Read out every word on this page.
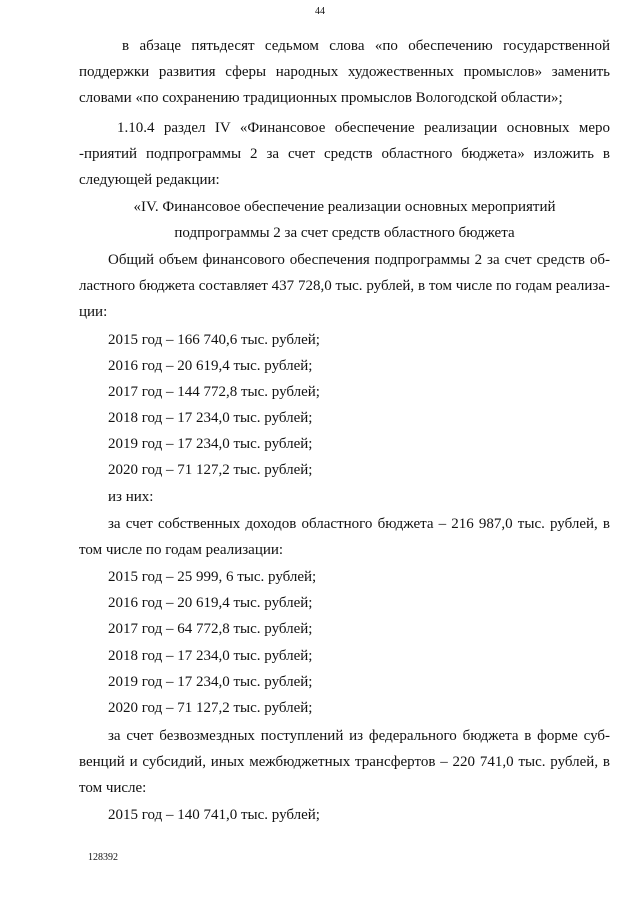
44
в абзаце пятьдесят седьмом слова «по обеспечению государственной
поддержки развития сферы народных художественных промыслов» заменить
словами «по сохранению традиционных промыслов Вологодской области»;
1.10.4 раздел IV «Финансовое обеспечение реализации основных меро
-приятий подпрограммы 2 за счет средств областного бюджета» изложить в
следующей редакции:
«IV. Финансовое обеспечение реализации основных мероприятий
подпрограммы 2 за счет средств областного бюджета
Общий объем финансового обеспечения подпрограммы 2 за счет средств об-
ластного бюджета составляет 437 728,0 тыс. рублей, в том числе по годам реализа-
ции:
2015 год – 166 740,6 тыс. рублей;
2016 год – 20 619,4 тыс. рублей;
2017 год – 144 772,8 тыс. рублей;
2018 год – 17 234,0 тыс. рублей;
2019 год – 17 234,0 тыс. рублей;
2020 год – 71 127,2 тыс. рублей;
из них:
за счет собственных доходов областного бюджета – 216 987,0 тыс. рублей, в
том числе по годам реализации:
2015 год – 25 999, 6 тыс. рублей;
2016 год – 20 619,4 тыс. рублей;
2017 год – 64 772,8 тыс. рублей;
2018 год – 17 234,0 тыс. рублей;
2019 год – 17 234,0 тыс. рублей;
2020 год – 71 127,2 тыс. рублей;
за счет безвозмездных поступлений из федерального бюджета в форме суб-
венций и субсидий, иных межбюджетных трансфертов – 220 741,0 тыс. рублей, в
том числе:
2015 год – 140 741,0 тыс. рублей;
128392
